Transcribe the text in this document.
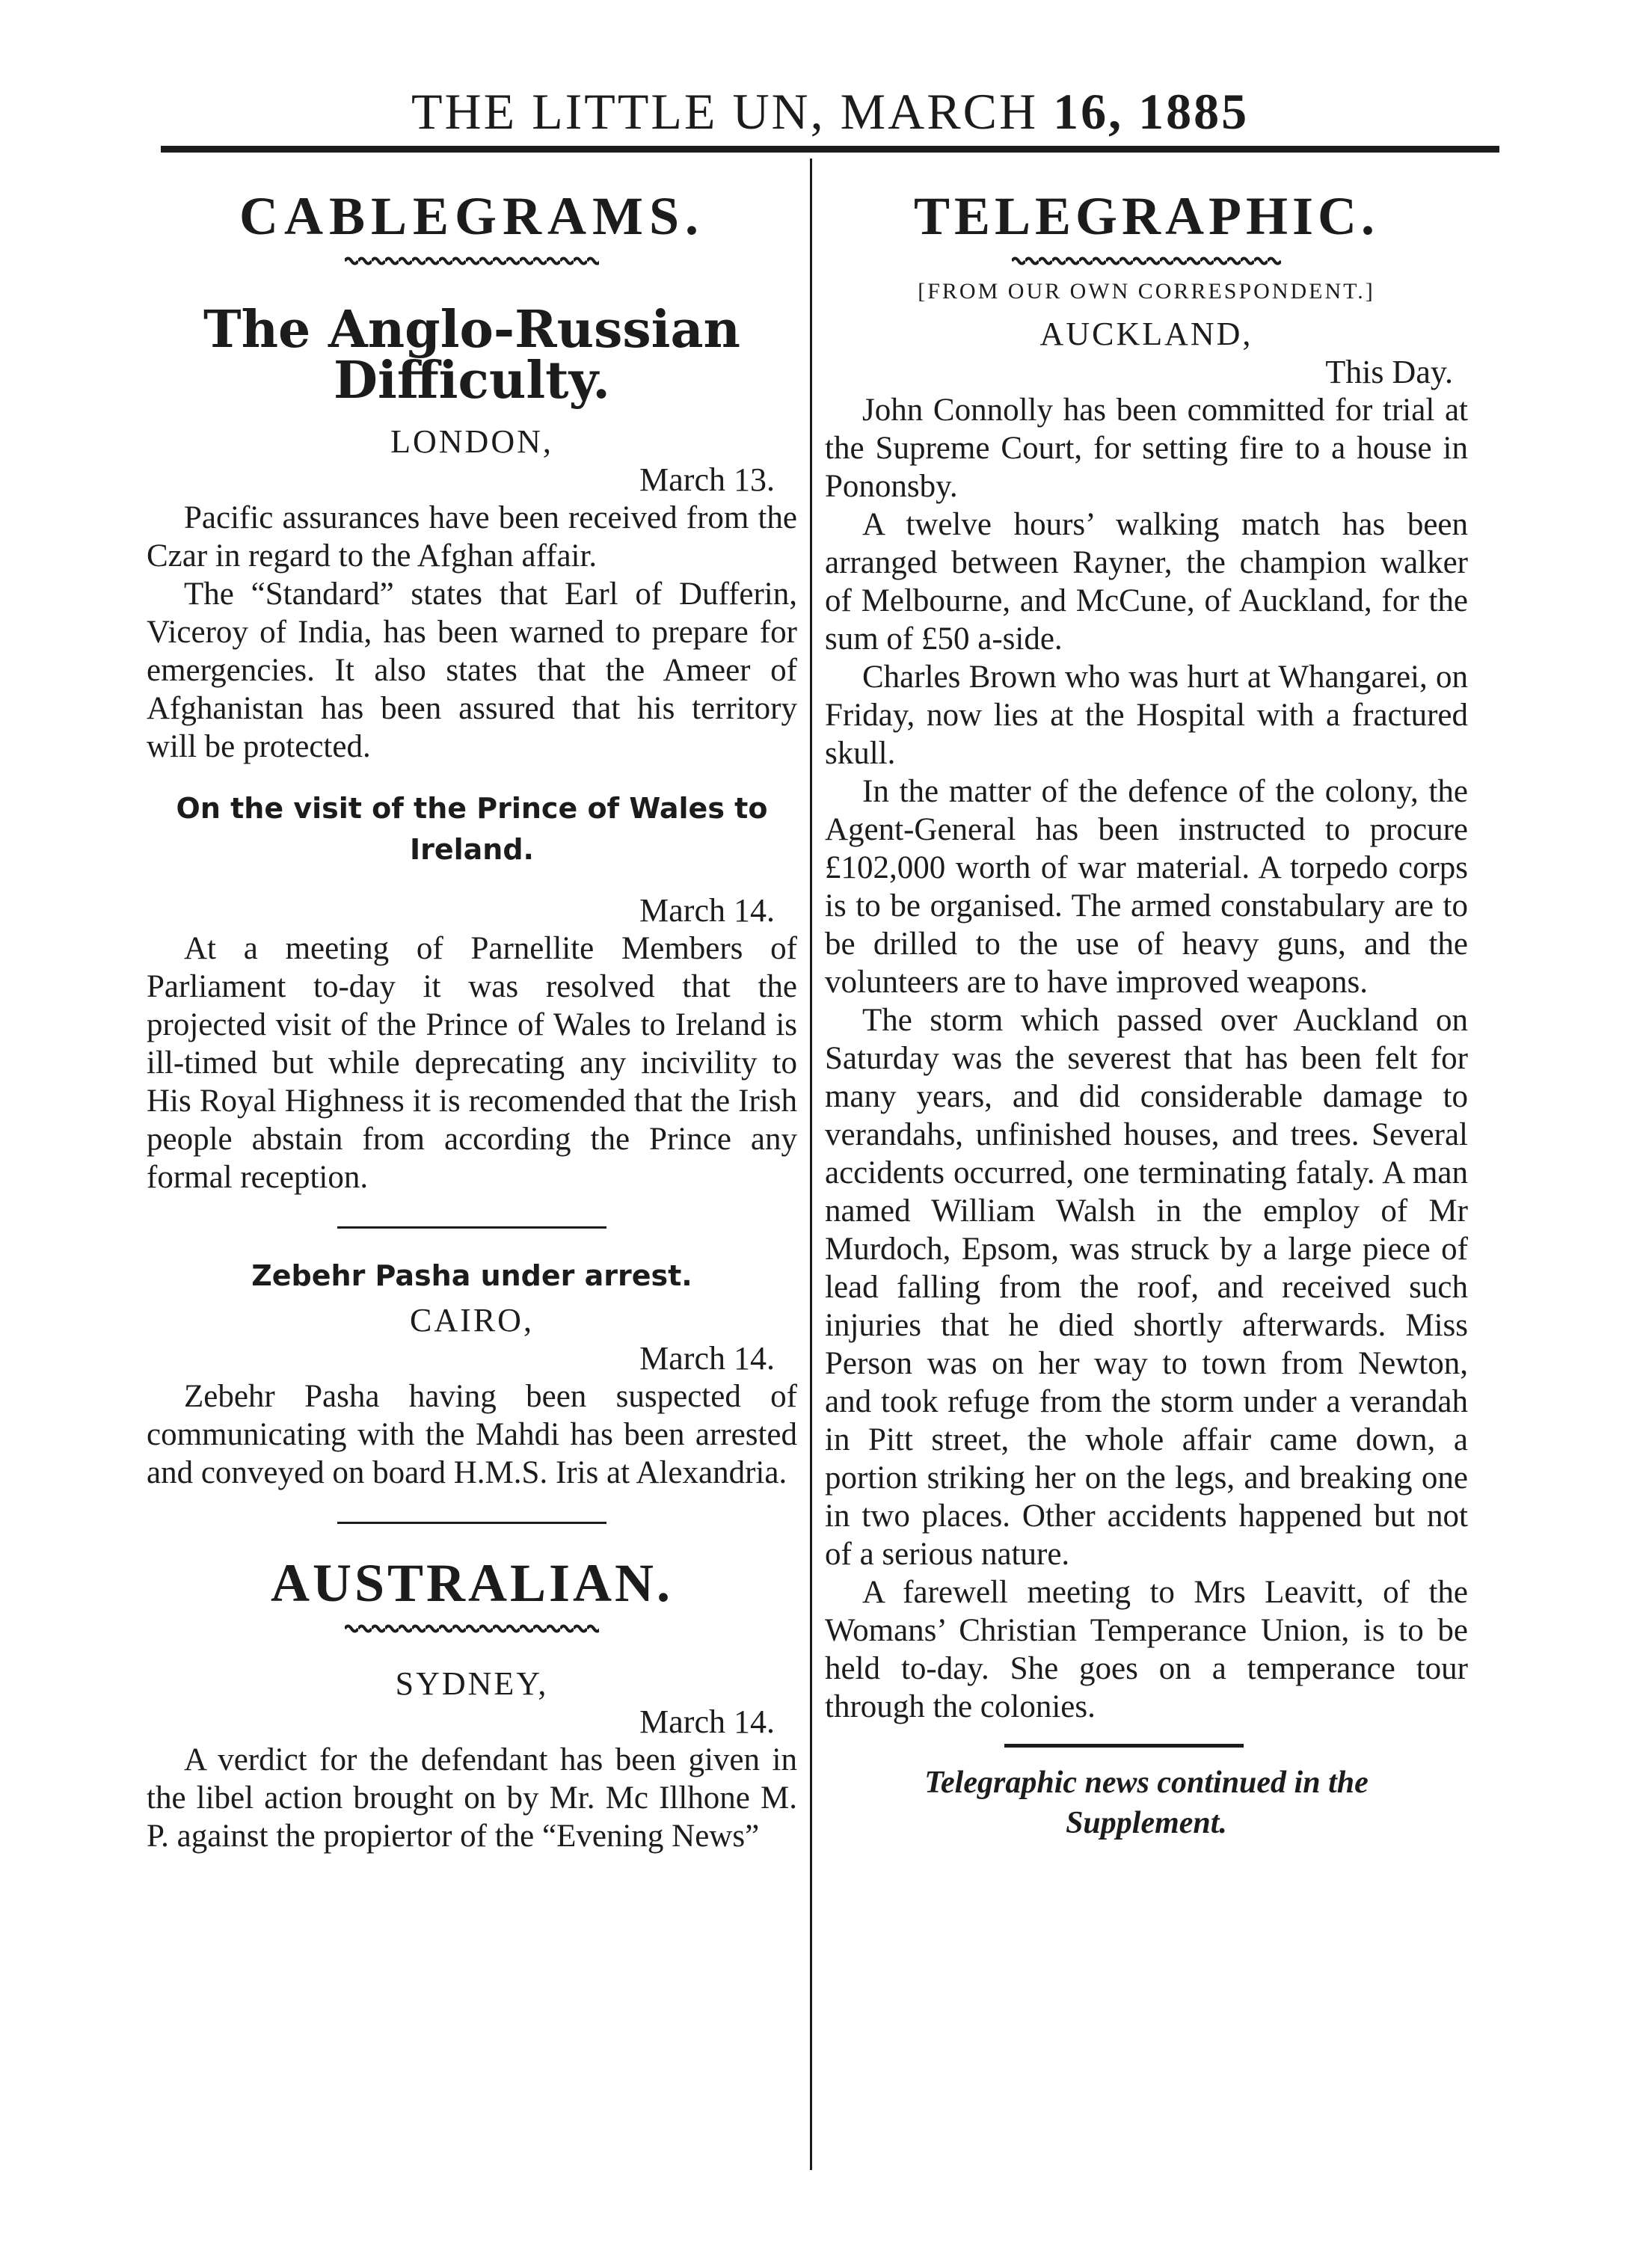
THE LITTLE UN, MARCH 16, 1885
CABLEGRAMS.
The Anglo-Russian
Difficulty.
LONDON,
March 13.

Pacific assurances have been received from the Czar in regard to the Afghan affair.

The “Standard” states that Earl of Dufferin, Viceroy of India, has been warned to prepare for emergencies. It also states that the Ameer of Afghanistan has been assured that his territory will be protected.

On the visit of the Prince of Wales to
Ireland.
March 14.

At a meeting of Parnellite Members of Parliament to-day it was resolved that the projected visit of the Prince of Wales to Ireland is ill-timed but while deprecating any incivility to His Royal Highness it is recomended that the Irish people abstain from according the Prince any formal reception.

Zebehr Pasha under arrest.
CAIRO,
March 14.

Zebehr Pasha having been suspected of communicating with the Mahdi has been arrested and conveyed on board H.M.S. Iris at Alexandria.

AUSTRALIAN.
SYDNEY,
March 14.

A verdict for the defendant has been given in the libel action brought on by Mr. Mc Illhone M. P. against the propiertor of the “Evening News”

TELEGRAPHIC.
[FROM OUR OWN CORRESPONDENT.]
AUCKLAND,
This Day.

John Connolly has been committed for trial at the Supreme Court, for setting fire to a house in Pononsby.

A twelve hours’ walking match has been arranged between Rayner, the champion walker of Melbourne, and McCune, of Auckland, for the sum of £50 a-side.

Charles Brown who was hurt at Whangarei, on Friday, now lies at the Hospital with a fractured skull.

In the matter of the defence of the colony, the Agent-General has been instructed to procure £102,000 worth of war material. A torpedo corps is to be organised. The armed constabulary are to be drilled to the use of heavy guns, and the volunteers are to have improved weapons.

The storm which passed over Auckland on Saturday was the severest that has been felt for many years, and did considerable damage to verandahs, unfinished houses, and trees. Several accidents occurred, one terminating fataly. A man named William Walsh in the employ of Mr Murdoch, Epsom, was struck by a large piece of lead falling from the roof, and received such injuries that he died shortly afterwards. Miss Person was on her way to town from Newton, and took refuge from the storm under a verandah in Pitt street, the whole affair came down, a portion striking her on the legs, and breaking one in two places. Other accidents happened but not of a serious nature.

A farewell meeting to Mrs Leavitt, of the Womans’ Christian Temperance Union, is to be held to-day. She goes on a temperance tour through the colonies.

Telegraphic news continued in the
Supplement.
